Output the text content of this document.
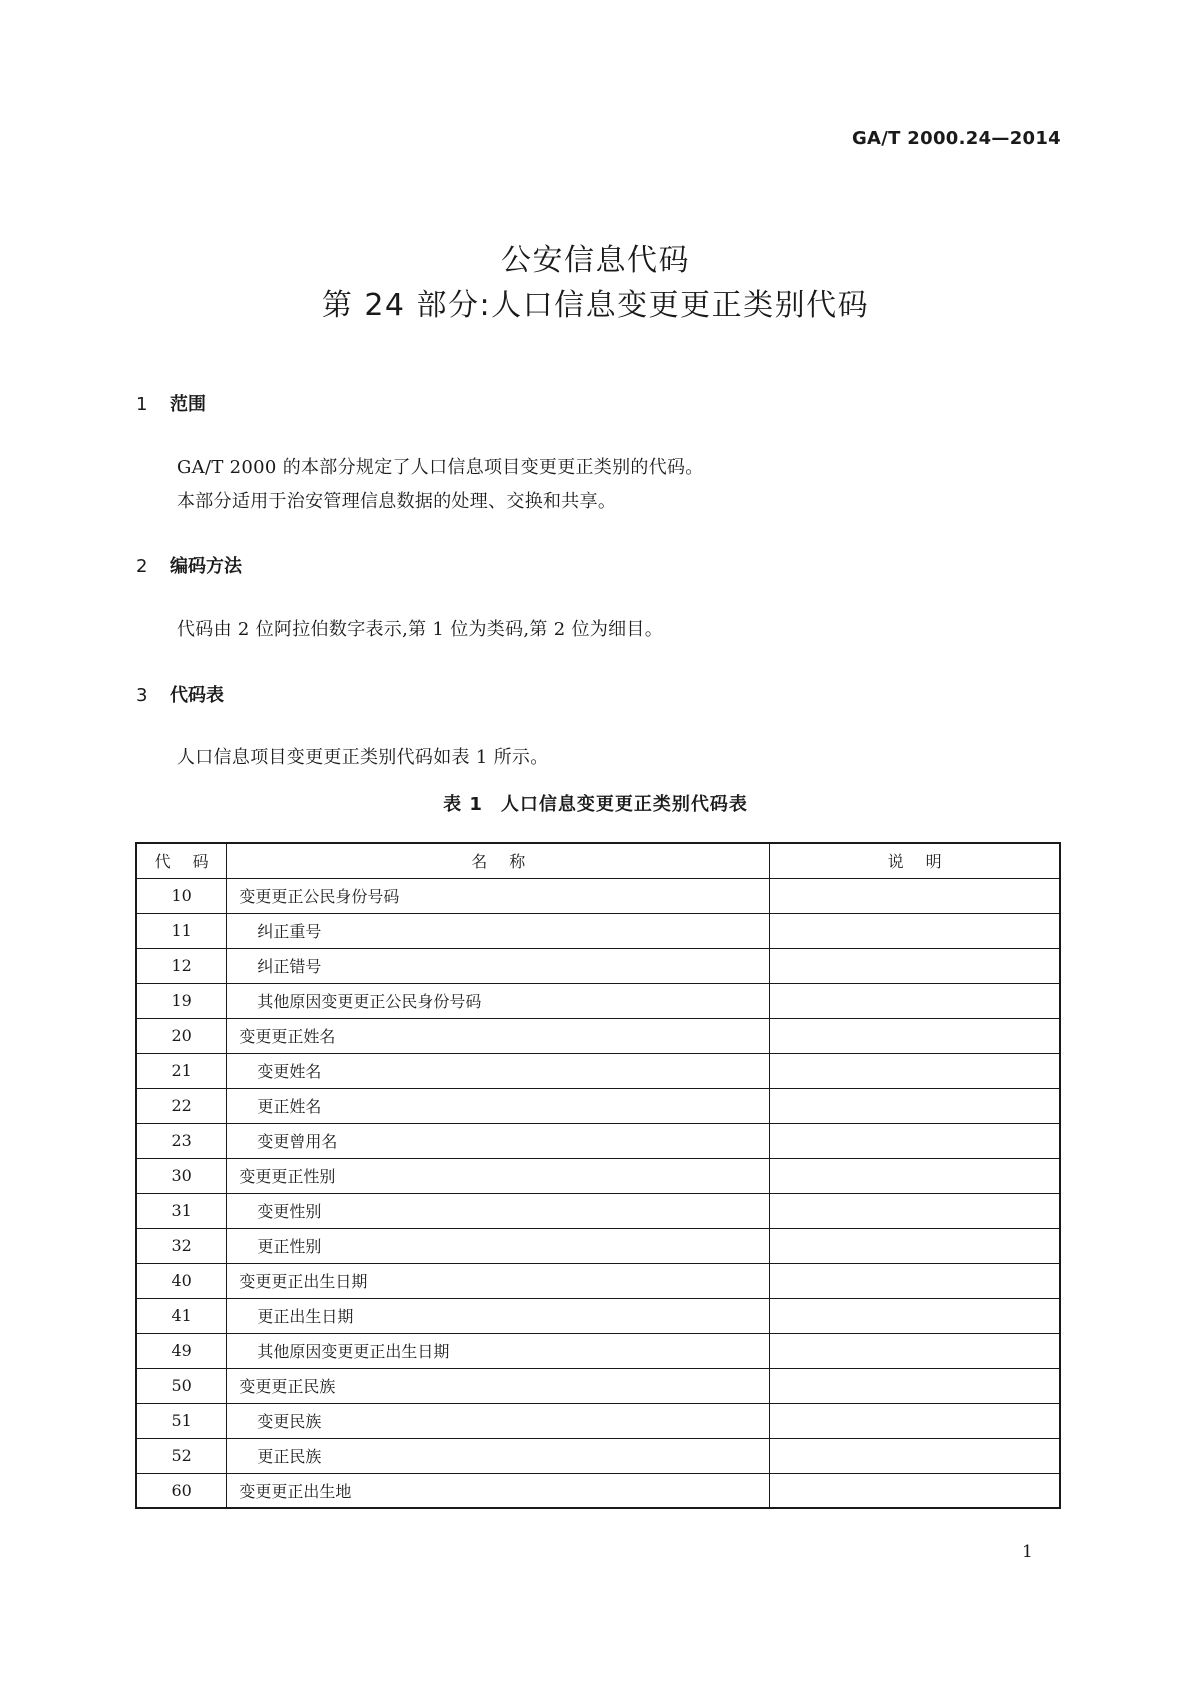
GA/T 2000.24—2014
公安信息代码
第 24 部分:人口信息变更更正类别代码
1 范围
GA/T 2000 的本部分规定了人口信息项目变更更正类别的代码。
本部分适用于治安管理信息数据的处理、交换和共享。
2 编码方法
代码由 2 位阿拉伯数字表示,第 1 位为类码,第 2 位为细目。
3 代码表
人口信息项目变更更正类别代码如表 1 所示。
表 1 人口信息变更更正类别代码表
代码	名称	说明
10	变更更正公民身份号码	
11	纠正重号	
12	纠正错号	
19	其他原因变更更正公民身份号码	
20	变更更正姓名	
21	变更姓名	
22	更正姓名	
23	变更曾用名	
30	变更更正性别	
31	变更性别	
32	更正性别	
40	变更更正出生日期	
41	更正出生日期	
49	其他原因变更更正出生日期	
50	变更更正民族	
51	变更民族	
52	更正民族	
60	变更更正出生地	
1
